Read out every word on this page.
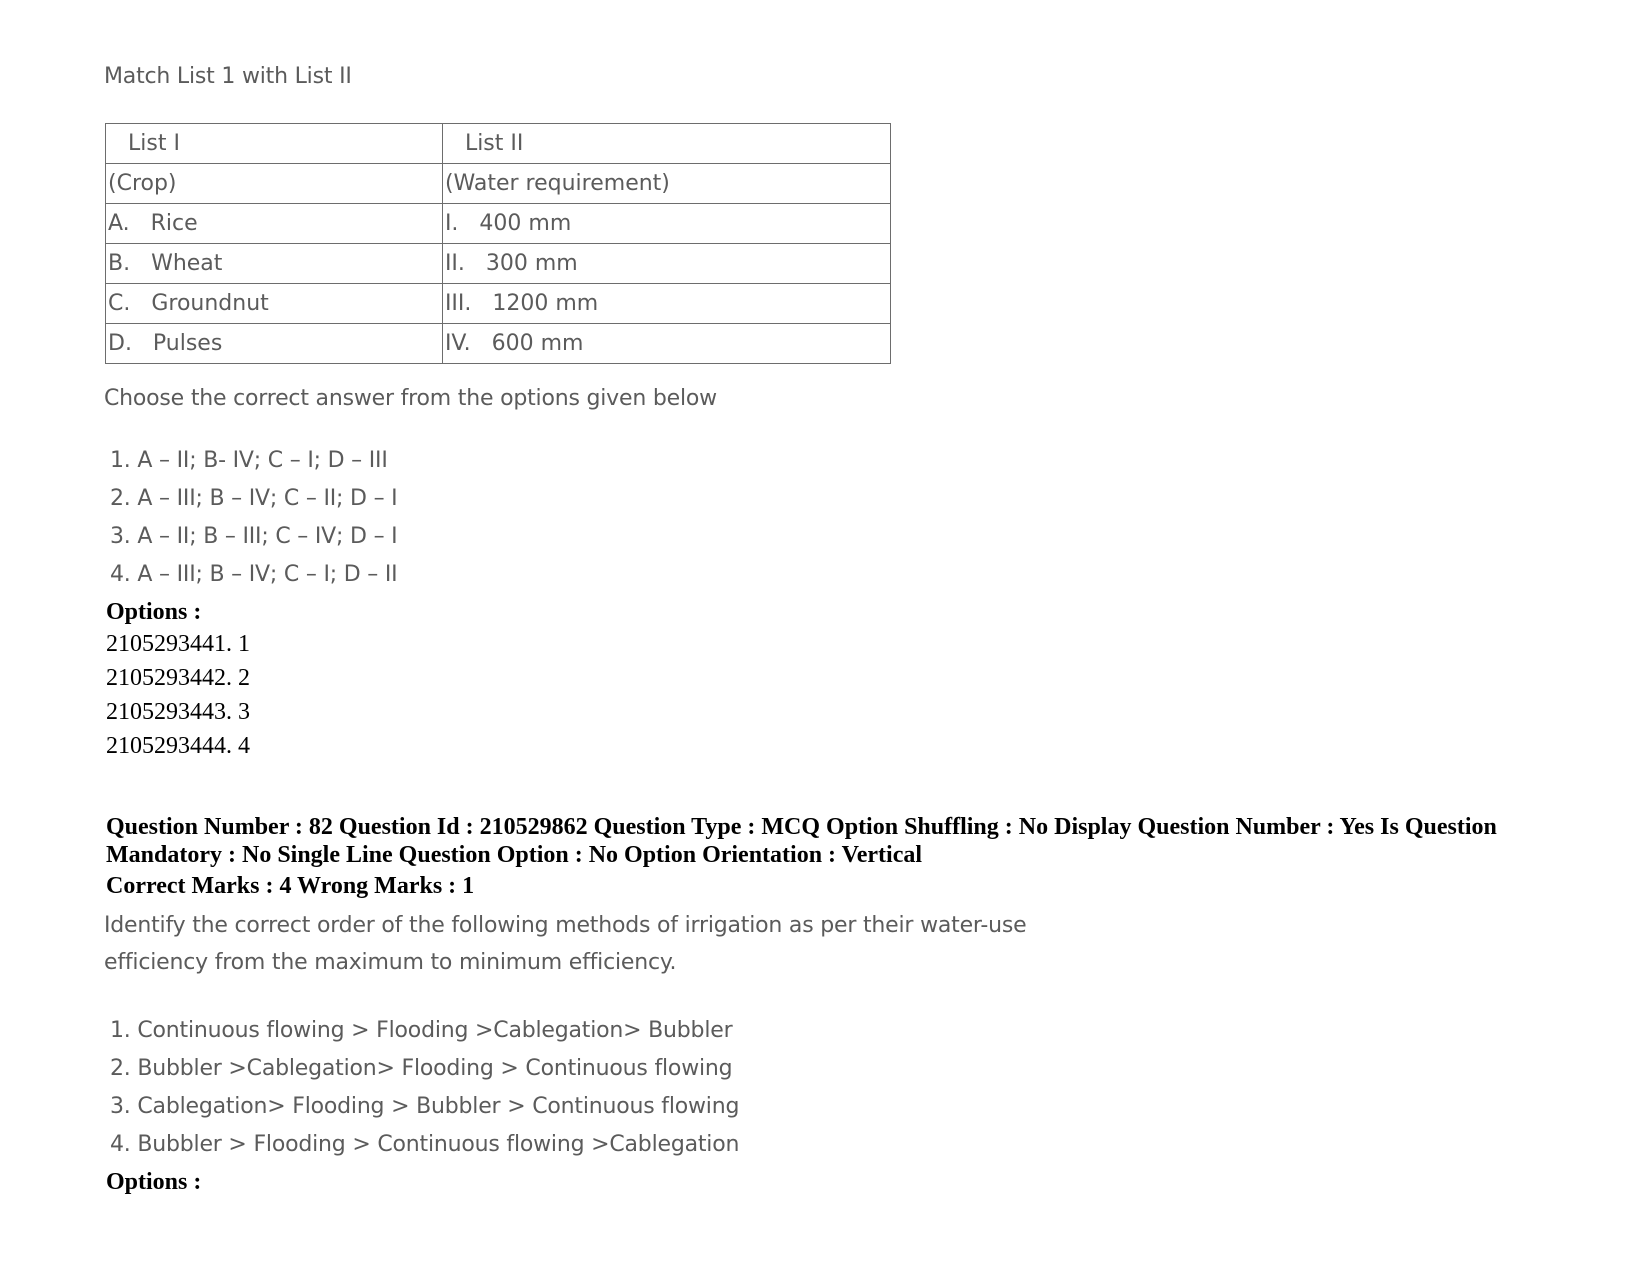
Match List 1 with List II
List I	List II
(Crop)	(Water requirement)
A.   Rice	I.   400 mm
B.   Wheat	II.   300 mm
C.   Groundnut	III.   1200 mm
D.   Pulses	IV.   600 mm
Choose the correct answer from the options given below
1. A – II; B- IV; C – I; D – III
2. A – III; B – IV; C – II; D – I
3. A – II; B – III; C – IV; D – I
4. A – III; B – IV; C – I; D – II
Options :
2105293441. 1
2105293442. 2
2105293443. 3
2105293444. 4
Question Number : 82 Question Id : 210529862 Question Type : MCQ Option Shuffling : No Display Question Number : Yes Is Question Mandatory : No Single Line Question Option : No Option Orientation : Vertical
Correct Marks : 4 Wrong Marks : 1
Identify the correct order of the following methods of irrigation as per their water-use
efficiency from the maximum to minimum efficiency.
1. Continuous flowing > Flooding >Cablegation> Bubbler
2. Bubbler >Cablegation> Flooding > Continuous flowing
3. Cablegation> Flooding > Bubbler > Continuous flowing
4. Bubbler > Flooding > Continuous flowing >Cablegation
Options :
